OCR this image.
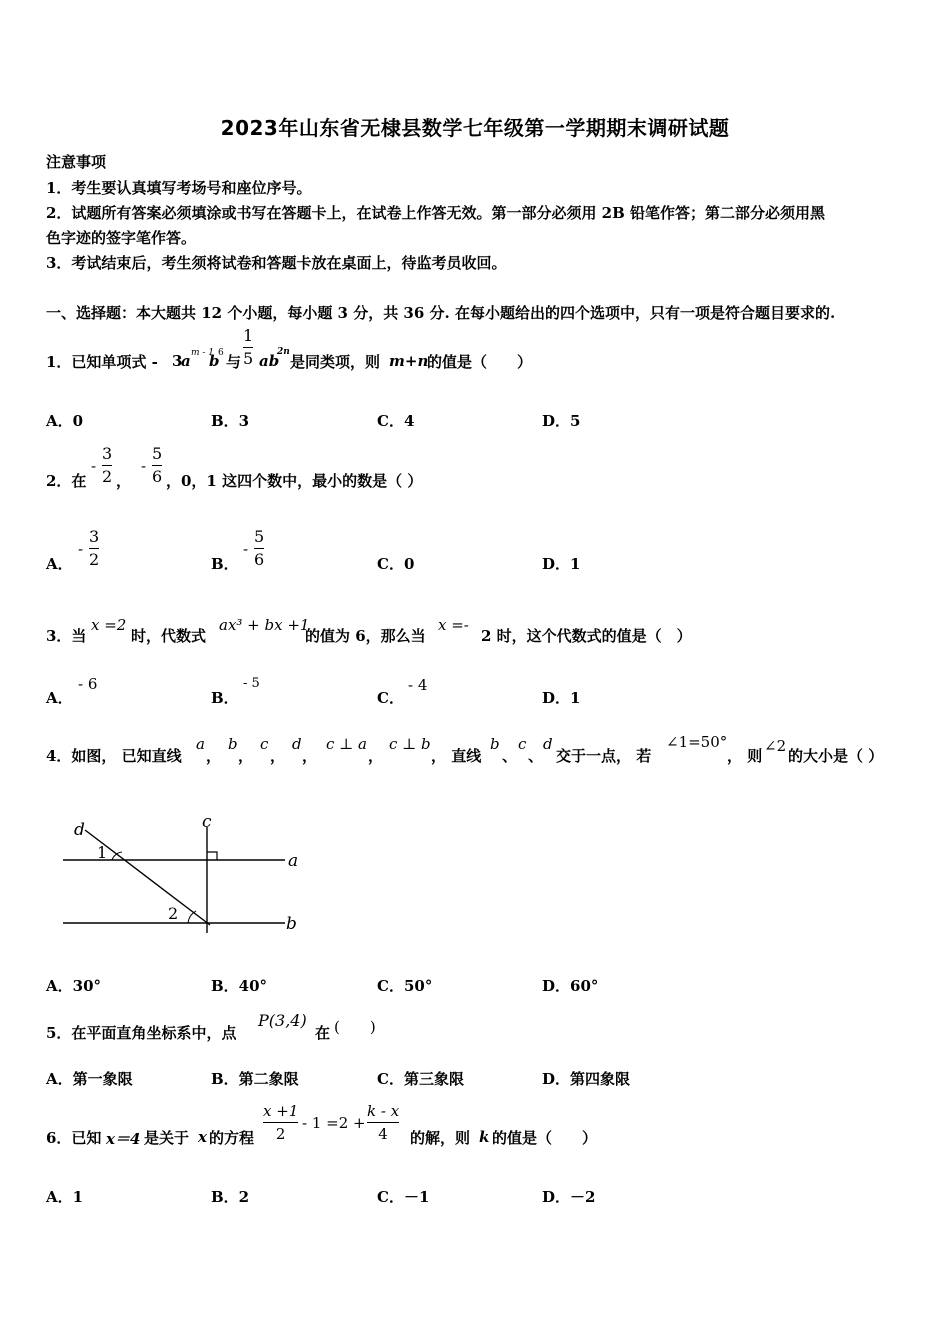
2023年山东省无棣县数学七年级第一学期期末调研试题
注意事项
1．考生要认真填写考场号和座位序号。
2．试题所有答案必须填涂或书写在答题卡上，在试卷上作答无效。第一部分必须用 2B 铅笔作答；第二部分必须用黑
色字迹的签字笔作答。
3．考试结束后，考生须将试卷和答题卡放在桌面上，待监考员收回。
一、选择题：本大题共 12 个小题，每小题 3 分，共 36 分. 在每小题给出的四个选项中，只有一项是符合题目要求的.
1．已知单项式 - 3
a m - 1
b
6 与
1
5 ab
2n
是同类项，则 m+n
的值是（　　）
A．0	B．3	C．4	D．5
2．在
-
3
2 ，
-
5
6 ，0，1 这四个数中，最小的数是（ ）
A．
-
3
2	B．
-
5
6	C．0	D．1
3．当
x =2
时，代数式
ax³ + bx +1
的值为 6，那么当
x =-
2 时，这个代数式的值是（　）
A．
- 6
B．
- 5
C．
- 4
D．1
4．如图， 已知直线
a
，
b
，
c
，
d
，
c ⊥ a
，
c ⊥ b
， 直线
b
、
c
、
d
交于一点， 若
∠1=50°
， 则
∠2
的大小是（ ）
d	c
a
b
1
2
A．30°	B．40°	C．50°	D．60°
5．在平面直角坐标系中，点
P(3,4)
在 (　　)
A．第一象限	B．第二象限	C．第三象限	D．第四象限
6．已知 x＝4 是关于 x 的方程
x +1
2
- 1 =2 +
k - x
4 的解，则 k 的值是（　　）
A．1	B．2	C．－1	D．－2
